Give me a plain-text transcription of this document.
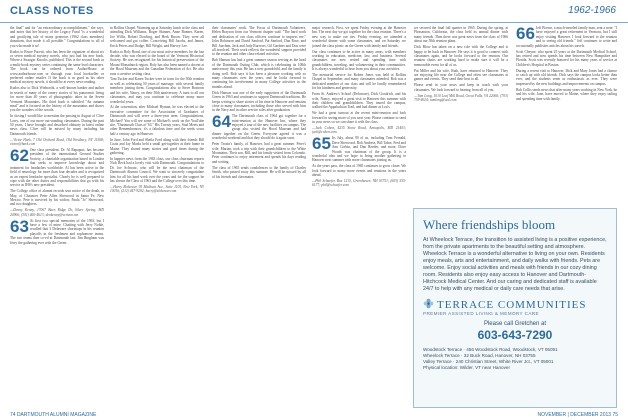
CLASS NOTES	1962-1966

the final" and for "an extraordinary accomplishment," she says, and notes that her history of the Legacy Fund "is a wonderful and gratifying tale of many generous (1962 class members) donations, that made it all possible." Congratulations to all of you who made it so!

Kudos to Bruce Pacetti, who has been the organizer of about six or seven medical mystery novels, who just had his new book, Where a Stranger Knocks, published. This is the second book in a multi-book mystery series continuing the same lead characters. The book can be ordered from AuthorHouse at www.authorhouse.com or through your local bookseller or preferred online retailer. If the book is as good as his other medical mystery novels, it should be at every news reading.

Kudos also to Dick Wiebracht, a well-known banker and author in search of many of the ornery stories of his panoramic living for more than 40 years of photographic takes in the Seven Vermont Mountains. His third book is subtitled "An autumn meal" and is focused on the history of the mountains and shows you the wonders of the woods.

In closing I would like to mention the passing in August of Clive Lorry, one of our more out-standing classmates. During the past 50 years, I have brought and described obituary in latest online news class. Clive will be missed by many including his Dartmouth friends.

—Victor Hark, 7 Old Orchard Road, Old Westbury, NY 11568; victor@hark.com

62 One class president, Dr. Al Rapaport, has become president of the international Ground Studies Society, a charitable organization based in London that seeks to improve knowledge about and treatment for headaches worldwide. Al has been active in the field of neurology for more than four decades and is recognized as an expert headache specialist. Clearly he is well prepared to cope with the other duties and responsibilities that go with his service as IHS's new president.

The College office of alumni records sent notice of the death, in May, of Chauncer Peter Allen Sherwood in Santa Fe, New Mexico. Pete is survived by his widow, Paula "Jo" Sherwood, and two daughters.

—Denny Kenny, 17067 Barn Ridge Dr, Silver Spring, MD 20906; (301) 460-4613; denkenny@verizon.net

63 At first two special memories of the 1963, but I have a few of mine. Chatting with Jerry Noble, recalled that 3 Delaware shortstops in his reunion playoffs in the freshmen and sophomore teams. The two teams then co-ed at Dartmouth last. Jim Bingham was Jerry the gathering ever with the Green.

in Rollins Chapel. Warming up at Saturday lunch at the class and attending Dick Williams, Roger Skinner, Anne Bonner, Karen, Joe Willis, Robert Dowling, and Herb Bacon. They were all welcomed and got coffee. Conceiving Bill Jacobs, and James, Erick Peters and Dodge, Bill Wright, and Harvey Lee.

Kudos to Roly Bond, one of our most active members for the last decade, who was elected to the board of the Vermont Historical Society. He was recognized for his historical preservation of the Mount Monadnock region. Roly has also been named a docent at the Hood Museum and the Canadian Federation of Art. He also runs a creative writing class.

Tom Tucker and Karen Tucker were in town for the 50th reunion as well as celebrating 50 years of marriage, with several family members joining them. Congratulations also to Steve Bostrom and his wife, Nancy, on their 50th anniversary. A toast to all our classmates, and may you continue to celebrate many more wonderful years.

At the convention, after Michael Hyman, he was elected to the executive committee for the Association of Graduates of Dartmouth and will serve a three-year term. Congratulations, Michael! You will see some of Michael's work on the YouTube site, "Dartmouth Class of '63." His Twenty years, Stud Meets and other Remembrances, it's a fabulous time and the seeds sown half a century ago in Hanover.

In June, John Ford and Sheila Ford along with their friends Bill Coats and Jay Marks held a small get-together at their home in Maine. They shared many stories and good times during the gathering.

In happier news from the 1963 class, our class chairman reports Nick Beck had a lovely visit with Dartmouth. Congratulations to Dr. Joe Schwarz, who will be the next chairman of the Dartmouth Alumni Council. We want to sincerely congratulate him for all his hard work over the years and for the support he has shown the Class of 1963 and the College over this time.

—Harry Zlokower, 95 Madison Ave., Suite 1105, New York, NY 10016; (212) 447-9292; harry@zlokower.com

their classmates' work. The Focus of Dartmouth Volunteers, Helen Brayson from our Vermont chapter said: "The hard work and dedication of our class officers continue to impress me." John Robinson and David Sanford, Pat Sanford, Dan Rose, and Bill Joachim, Jack and Judy Burrows, Gil Gardner and Don were all involved. Their work reflects the wonderful support provided to the reunion and other class-related activities.

Bob Hanson has had a great summer season serving as the head of the Dartmouth Outing Club, which is celebrating its 100th anniversary this year. He has a new grandchild, and the family is doing well. Bob says it has been a pleasure working with so many classmates over the years, and he looks forward to continuing his involvement in many College activities in the months ahead.

Dick Hanson was one of the early supporters of the Dartmouth Green in 1963 and continues to support Dartmouth traditions. He keeps writing to share stories of his time in Hanover and remains close to many classmates, including those who served with him in the Navy and in other service roles after graduation.

64 The Dartmouth class of 1964 got together for a mini-reunion at the Hanover Inn, where they enjoyed a tour of the new facilities on campus. The group also visited the Hood Museum and had dinner together on the Green. Everyone agreed it was a wonderful weekend and that they should do it again soon.

Peter Trosin's family, of Hanover, had a great summer. Peter's wife, Marian, took a trip with their grandchildren to the White Mountains. Their son, Bill, and his family visited from Colorado. Peter continues to enjoy retirement and spends his days reading and writing.

The class of 1965 sends condolences to the family of Charles Smith, who passed away this summer. He will be missed by all of his friends and classmates.

major research. First, we spent Friday evening at the Hanover Inn. The next day we got together for the class reunion. There's a new way to make our ties. Friday evening, we attended a wonderful dinner with some classmates, and on Saturday we joined the class picnic on the Green with family and friends.

Our class continues to be active in many areas, with members working in education, medicine, law, and business. Several classmates are now retired and spending time with grandchildren, traveling, and volunteering in their communities. It is always wonderful to hear from you about your activities.

The memorial service for Robert Jones was held at Rollins Chapel in September, and many classmates attended. Bob was a dedicated member of our class and will be fondly remembered for his kindness and generosity.

From St. Andrew's School (Delaware), Dick Goodrich, and his wife, Nancy, enjoyed a great visit to Hanover this summer with their children and grandchildren. They toured the campus, walked the Appalachian Trail, and had dinner at Lou's.

We had a great turnout at the recent mini-reunion and look forward to seeing more of you next year. Please continue to send in your news so we can share it with the class.

—Jack Cohen, 4235 Stone Road, Annapolis, MD 21403; jack@cohen.com

65 Its July, about 90 of us, including Tom Fernald, Dave Sherwood, Bob Andress, Bill Tabor, Fred and Ann Corbin, and Dan Reeder, and more, Dave Woods was chairman of the group. It is a wonderful idea and we hope to bring another gathering to Hanover next summer with more classmates joining us.

As the years pass, the class of 1965 continues to grow closer. We look forward to many more events and reunions in the years ahead.

—Phil Schaefer, Box 1215, Greenhaven, NH 03751; (603) 555-6177; phil@schaefer.com

we secured the final full quarter in 1965. During the spring, at Pleasanton, California, the class held its annual dinner with many friends. Then there was great news from the class of 1966 about our 50th reunion plans.

Dick Blow has taken on a new role with the College and is happy to be back in Hanover. He says it is good to connect with classmates again, and he looks forward to the reunion. Our reunion chairs are working hard to make sure it will be a memorable event for all of us.

Pat Miller and his wife, Ruth, have returned to Hanover. They are enjoying life near the College and often see classmates at games and events. They send their best to all.

Please send in your news and keep in touch with your classmates. We look forward to hearing from all of you.

—Tom Long, 1010 Leaf Mill Road, Great Falls, VA 22066; (703) 759-4024; tomlong@aol.com

66 Jeff Brown, a much-traveled family man, sent a note: "I have enjoyed a great retirement in Vermont, but I still enjoy visiting Hanover. I look forward to the reunion and to seeing old friends." Jeff continues to write and occasionally publishes articles about his travels.

Scott Cheyne, who spent 25 years at the Dartmouth Medical School, has retired and now spends his time between New Hampshire and Florida. Scott was recently honored for his many years of service at Children's Hospital in Boston.

During a recent visit to Hanover, Dick and Mary Jones had a chance to catch up with old friends. Dick says the campus looks better than ever, and the students seem as enthusiastic as ever. They were impressed by the new buildings and improvements on campus.

Bob Collis sends news that after many years working in New York, he and his wife, Jane, have moved to Maine, where they enjoy sailing and spending time with family.

Where friendships bloom
At Wheelock Terrace, the transition to assisted living is a positive experience, from the private apartments to the beautiful setting and atmosphere. Wheelock Terrace is a wonderful alternative to living on your own. Residents enjoy meals, arts and entertainment, and daily walks with friends. Pets are welcome. Enjoy social activities and meals with friends in our cozy dining room. Residents also enjoy easy access to Hanover and Dartmouth-Hitchcock Medical Center. And our caring and dedicated staff is available 24/7 to help with any medical or daily care needs that arise.
TERRACE COMMUNITIES
PREMIER ASSISTED LIVING & MEMORY CARE
Please call Gretchen at
603-643-7290
Woodstock Terrace · 456 Woodstock Road, Woodstock, VT 05091
Wheelock Terrace · 32 Buck Road, Hanover, NH 03755
Valley Terrace · 240 Christian Street, White River Jct., VT 05001
Physical location: Wilder, VT near Hanover
74 DARTMOUTH ALUMNI MAGAZINE	NOVEMBER | DECEMBER 2013 75
